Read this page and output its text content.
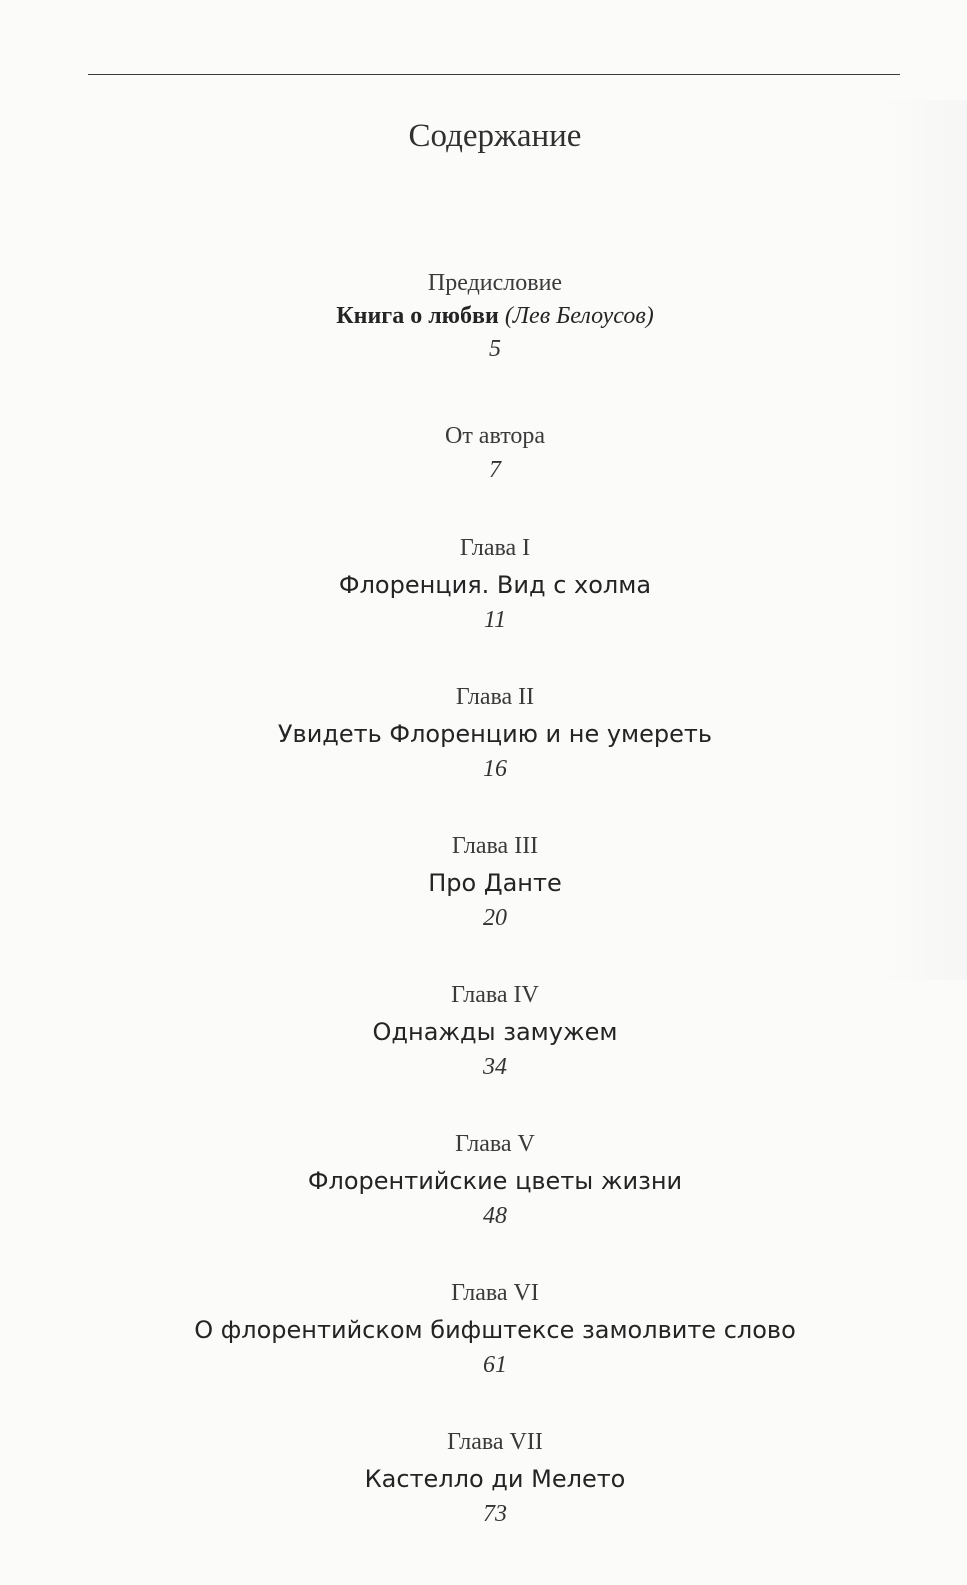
Содержание
Предисловие
Книга о любви (Лев Белоусов)
5
От автора
7
Глава I
Флоренция. Вид с холма
11
Глава II
Увидеть Флоренцию и не умереть
16
Глава III
Про Данте
20
Глава IV
Однажды замужем
34
Глава V
Флорентийские цветы жизни
48
Глава VI
О флорентийском бифштексе замолвите слово
61
Глава VII
Кастелло ди Мелето
73
